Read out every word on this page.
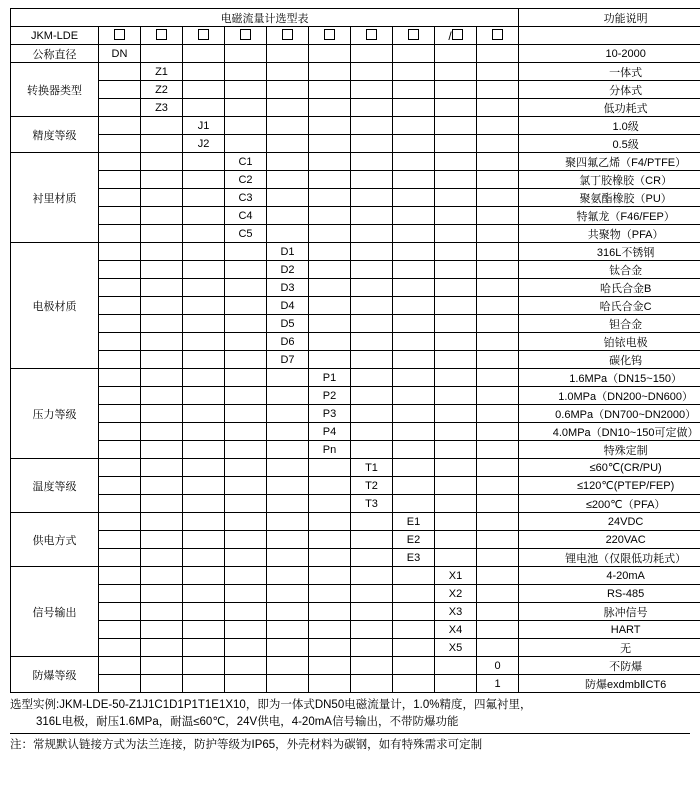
电磁流量计选型表											功能说明
JKM-LDE									/		
公称直径	DN										10-2000
转换器类型		Z1									一体式
		Z2									分体式
		Z3									低功耗式
精度等级			J1								1.0级
			J2								0.5级
衬里材质				C1							聚四氟乙烯（F4/PTFE）
				C2							氯丁胶橡胶（CR）
				C3							聚氨酯橡胶（PU）
				C4							特氟龙（F46/FEP）
				C5							共聚物（PFA）
电极材质					D1						316L不锈钢
					D2						钛合金
					D3						哈氏合金B
					D4						哈氏合金C
					D5						钽合金
					D6						铂铱电极
					D7						碳化钨
压力等级						P1					1.6MPa（DN15~150）
						P2					1.0MPa（DN200~DN600）
						P3					0.6MPa（DN700~DN2000）
						P4					4.0MPa（DN10~150可定做）
						Pn					特殊定制
温度等级							T1				≤60℃(CR/PU)
							T2				≤120℃(PTEP/FEP)
							T3				≤200℃（PFA）
供电方式								E1			24VDC
								E2			220VAC
								E3			锂电池（仅限低功耗式）
信号输出									X1		4-20mA
									X2		RS-485
									X3		脉冲信号
									X4		HART
									X5		无
防爆等级										0	不防爆
										1	防爆exdmbⅡCT6
选型实例:JKM-LDE-50-Z1J1C1D1P1T1E1X10，即为一体式DN50电磁流量计，1.0%精度，四氟衬里，
316L电极，耐压1.6MPa，耐温≤60℃，24V供电，4-20mA信号输出，不带防爆功能
注：常规默认链接方式为法兰连接，防护等级为IP65，外壳材料为碳钢，如有特殊需求可定制
